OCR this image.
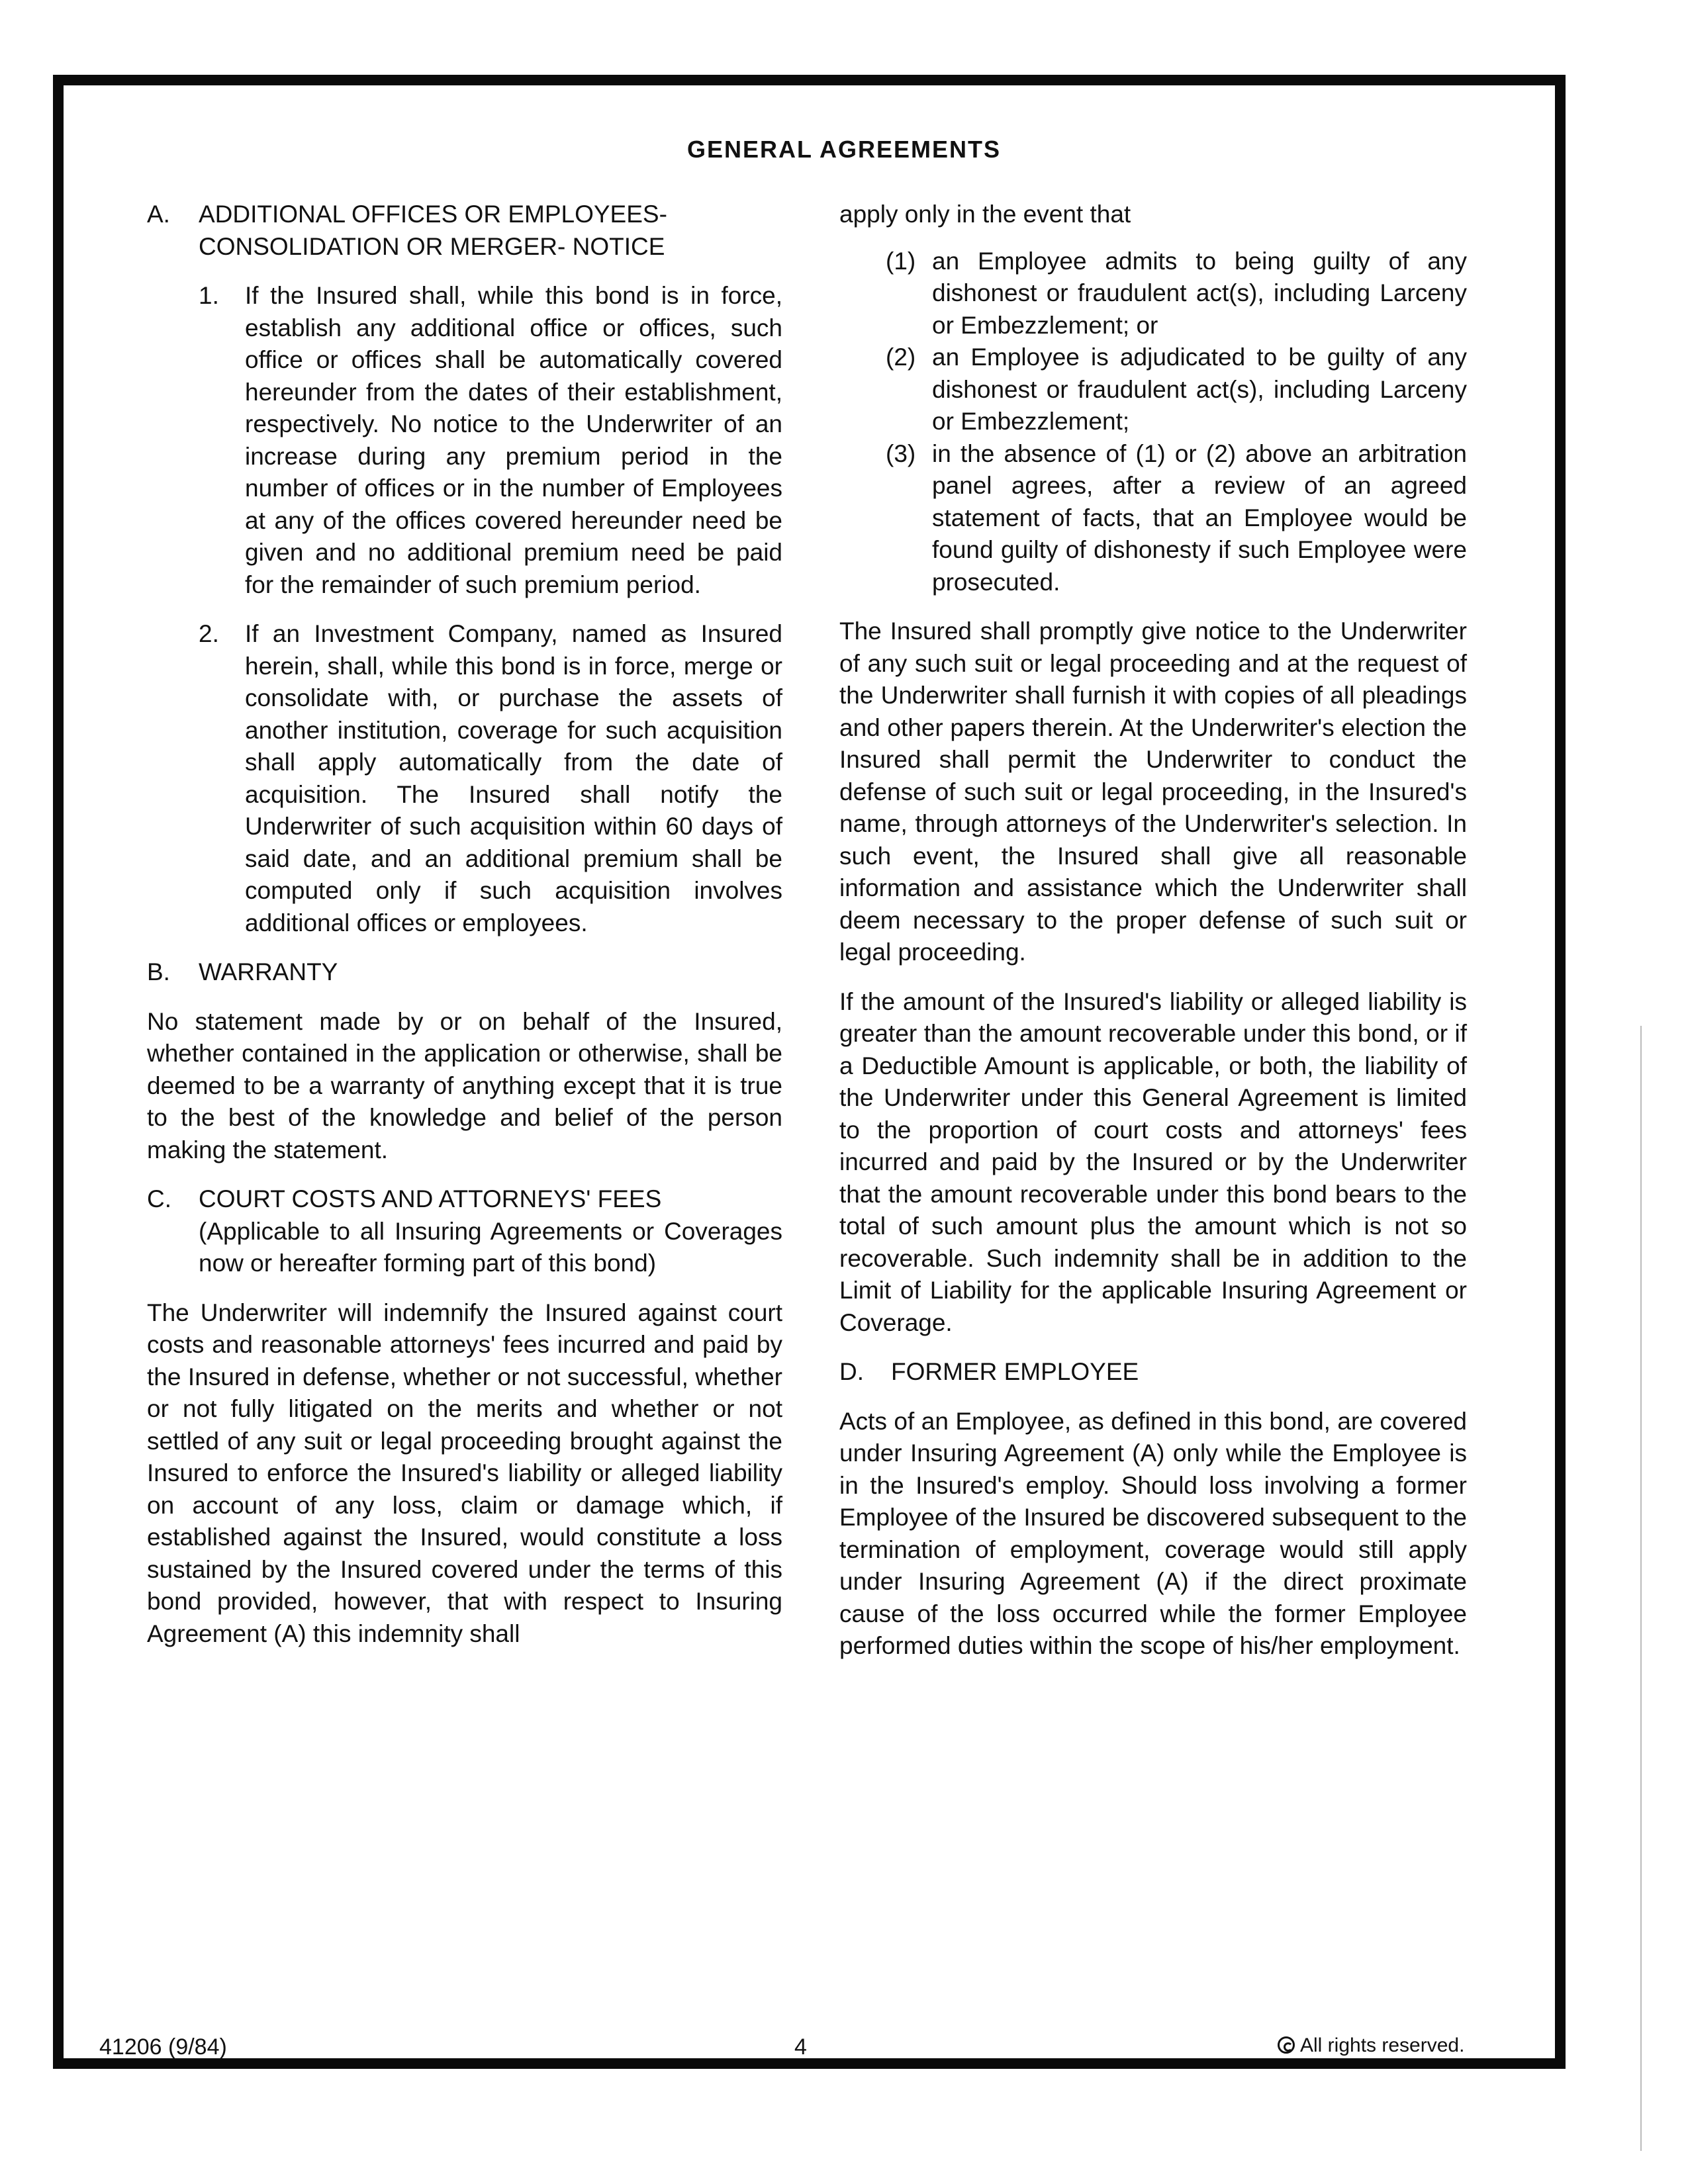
GENERAL AGREEMENTS
A.	ADDITIONAL OFFICES OR EMPLOYEES-CONSOLIDATION OR MERGER- NOTICE
1.	If the Insured shall, while this bond is in force, establish any additional office or offices, such office or offices shall be automatically covered hereunder from the dates of their establishment, respectively. No notice to the Underwriter of an increase during any premium period in the number of offices or in the number of Employees at any of the offices covered hereunder need be given and no additional premium need be paid for the remainder of such premium period.
2.	If an Investment Company, named as Insured herein, shall, while this bond is in force, merge or consolidate with, or purchase the assets of another institution, coverage for such acquisition shall apply automatically from the date of acquisition. The Insured shall notify the Underwriter of such acquisition within 60 days of said date, and an additional premium shall be computed only if such acquisition involves additional offices or employees.
B.	WARRANTY

No statement made by or on behalf of the Insured, whether contained in the application or otherwise, shall be deemed to be a warranty of anything except that it is true to the best of the knowledge and belief of the person making the statement.

C.	COURT COSTS AND ATTORNEYS' FEES
(Applicable to all Insuring Agreements or Coverages now or hereafter forming part of this bond)

The Underwriter will indemnify the Insured against court costs and reasonable attorneys' fees incurred and paid by the Insured in defense, whether or not successful, whether or not fully litigated on the merits and whether or not settled of any suit or legal proceeding brought against the Insured to enforce the Insured's liability or alleged liability on account of any loss, claim or damage which, if established against the Insured, would constitute a loss sustained by the Insured covered under the terms of this bond provided, however, that with respect to Insuring Agreement (A) this indemnity shall

apply only in the event that

(1) an Employee admits to being guilty of any dishonest or fraudulent act(s), including Larceny or Embezzlement; or
(2) an Employee is adjudicated to be guilty of any dishonest or fraudulent act(s), including Larceny or Embezzlement;
(3) in the absence of (1) or (2) above an arbitration panel agrees, after a review of an agreed statement of facts, that an Employee would be found guilty of dishonesty if such Employee were prosecuted.

The Insured shall promptly give notice to the Underwriter of any such suit or legal proceeding and at the request of the Underwriter shall furnish it with copies of all pleadings and other papers therein. At the Underwriter's election the Insured shall permit the Underwriter to conduct the defense of such suit or legal proceeding, in the Insured's name, through attorneys of the Underwriter's selection. In such event, the Insured shall give all reasonable information and assistance which the Underwriter shall deem necessary to the proper defense of such suit or legal proceeding.

If the amount of the Insured's liability or alleged liability is greater than the amount recoverable under this bond, or if a Deductible Amount is applicable, or both, the liability of the Underwriter under this General Agreement is limited to the proportion of court costs and attorneys' fees incurred and paid by the Insured or by the Underwriter that the amount recoverable under this bond bears to the total of such amount plus the amount which is not so recoverable. Such indemnity shall be in addition to the Limit of Liability for the applicable Insuring Agreement or Coverage.

D.	FORMER EMPLOYEE

Acts of an Employee, as defined in this bond, are covered under Insuring Agreement (A) only while the Employee is in the Insured's employ. Should loss involving a former Employee of the Insured be discovered subsequent to the termination of employment, coverage would still apply under Insuring Agreement (A) if the direct proximate cause of the loss occurred while the former Employee performed duties within the scope of his/her employment.

41206 (9/84)	4	All rights reserved.
